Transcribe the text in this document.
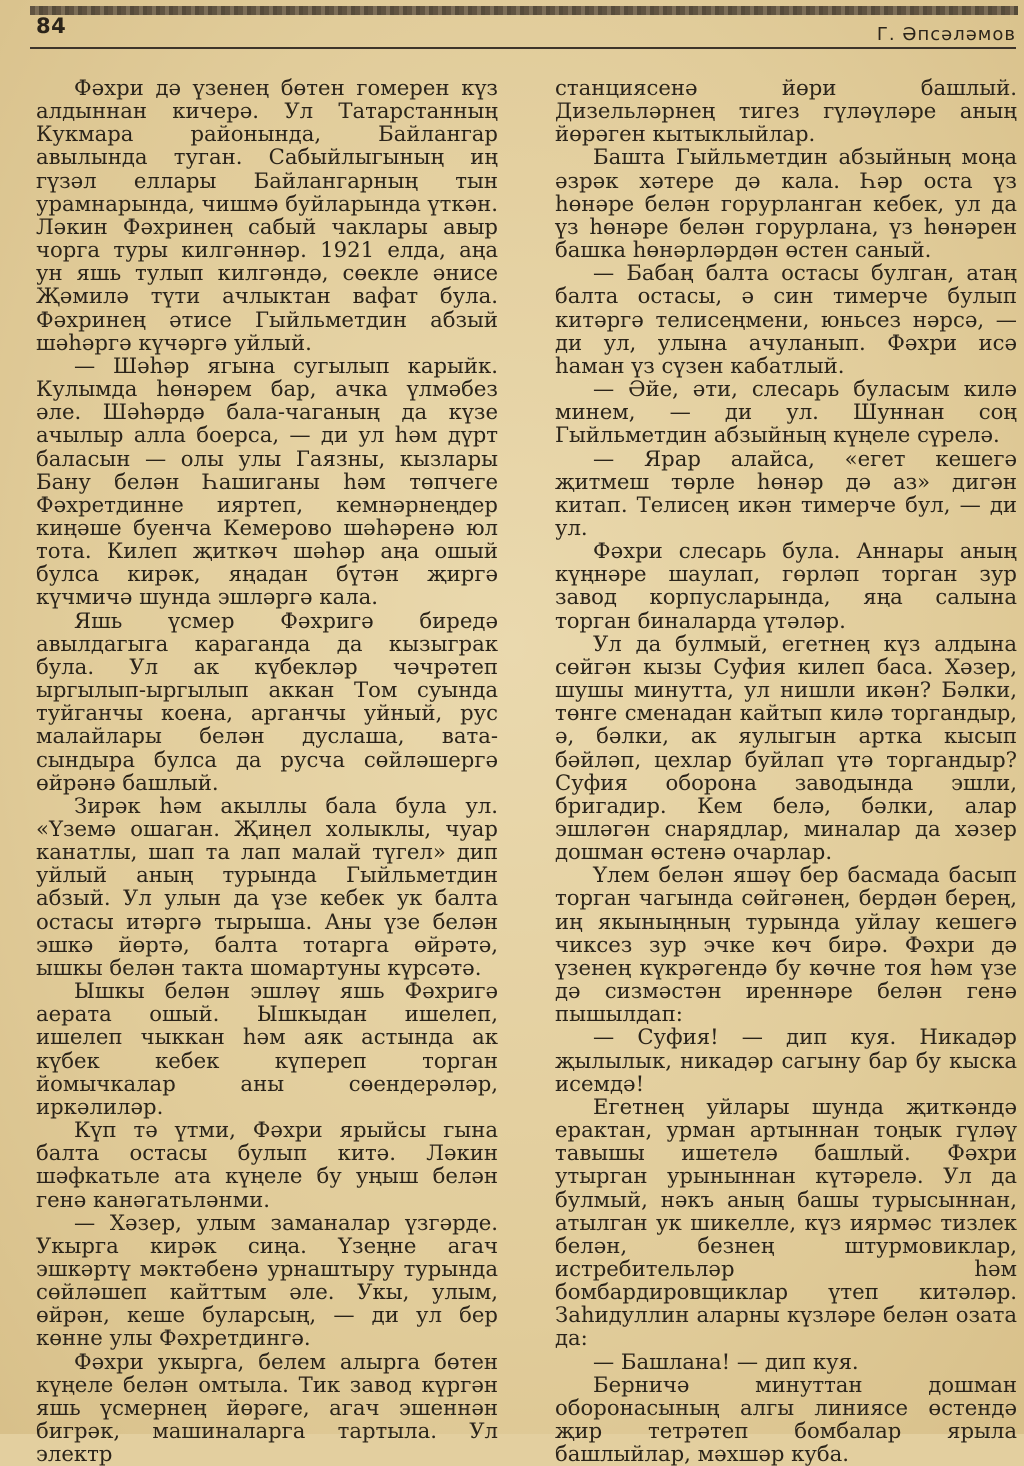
84	Г. Әпсәләмов

Фәхри дә үзенең бөтен гомерен күз алдыннан кичерә. Ул Татарстанның Кукмара районында, Байлангар авылында туган. Сабыйлыгының иң гүзәл еллары Байлангарның тын урамнарында, чишмә буйларында үткән. Ләкин Фәхринең сабый чаклары авыр чорга туры килгәннәр. 1921 елда, аңа ун яшь тулып килгәндә, сөекле әнисе Җәмилә түти ачлыктан вафат була. Фәхринең әтисе Гыйльметдин абзый шәһәргә күчәргә уйлый.

— Шәһәр ягына сугылып карыйк. Кулымда һөнәрем бар, ачка үлмәбез әле. Шәһәрдә бала-чаганың да күзе ачылыр алла боерса, — ди ул һәм дүрт баласын — олы улы Гаязны, кызлары Бану белән Һашиганы һәм төпчеге Фәхретдинне ияртеп, кемнәрнеңдер киңәше буенча Кемерово шәһәренә юл тота. Килеп җиткәч шәһәр аңа ошый булса кирәк, яңадан бүтән җиргә күчмичә шунда эшләргә кала.

Яшь үсмер Фәхригә биредә авылдагыга караганда да кызыграк була. Ул ак күбекләр чәчрәтеп ыргылып-ыргылып аккан Том суында туйганчы коена, арганчы уйный, рус малайлары белән дуслаша, вата-сындыра булса да русча сөйләшергә өйрәнә башлый.

Зирәк һәм акыллы бала була ул. «Үземә ошаган. Җиңел холыклы, чуар канатлы, шап та лап малай түгел» дип уйлый аның турында Гыйльметдин абзый. Ул улын да үзе кебек ук балта остасы итәргә тырыша. Аны үзе белән эшкә йөртә, балта тотарга өйрәтә, ышкы белән такта шомартуны күрсәтә.

Ышкы белән эшләү яшь Фәхригә аерата ошый. Ышкыдан ишелеп, ишелеп чыккан һәм аяк астында ак күбек кебек күпереп торган йомычкалар аны сөендерәләр, иркәлиләр.

Күп тә үтми, Фәхри ярыйсы гына балта остасы булып китә. Ләкин шәфкатьле ата күңеле бу уңыш белән генә канәгатьләнми.

— Хәзер, улым заманалар үзгәрде. Укырга кирәк сиңа. Үзеңне агач эшкәртү мәктәбенә урнаштыру турында сөйләшеп кайттым әле. Укы, улым, өйрән, кеше буларсың, — ди ул бер көнне улы Фәхретдингә.

Фәхри укырга, белем алырга бөтен күңеле белән омтыла. Тик завод күргән яшь үсмернең йөрәге, агач эшеннән бигрәк, машиналарга тартыла. Ул электр

станциясенә йөри башлый. Дизельләрнең тигез гүләүләре аның йөрәген кытыклыйлар.

Башта Гыйльметдин абзыйның моңа әзрәк хәтере дә кала. Һәр оста үз һөнәре белән горурланган кебек, ул да үз һөнәре белән горурлана, үз һөнәрен башка һөнәрләрдән өстен саный.

— Бабаң балта остасы булган, атаң балта остасы, ә син тимерче булып китәргә телисеңмени, юньсез нәрсә, — ди ул, улына ачуланып. Фәхри исә һаман үз сүзен кабатлый.

— Әйе, әти, слесарь буласым килә минем, — ди ул. Шуннан соң Гыйльметдин абзыйның күңеле сүрелә.

— Ярар алайса, «егет кешегә җитмеш төрле һөнәр дә аз» дигән китап. Телисең икән тимерче бул, — ди ул.

Фәхри слесарь була. Аннары аның күңнәре шаулап, гөрләп торган зур завод корпусларында, яңа салына торган биналарда үтәләр.

Ул да булмый, егетнең күз алдына сөйгән кызы Суфия килеп баса. Хәзер, шушы минутта, ул нишли икән? Бәлки, төнге сменадан кайтып килә торгандыр, ә, бәлки, ак яулыгын артка кысып бәйләп, цехлар буйлап үтә торгандыр? Суфия оборона заводында эшли, бригадир. Кем белә, бәлки, алар эшләгән снарядлар, миналар да хәзер дошман өстенә очарлар.

Үлем белән яшәү бер басмада басып торган чагында сөйгәнең, бердән берең, иң якыныңның турында уйлау кешегә чиксез зур эчке көч бирә. Фәхри дә үзенең күкрәгендә бу көчне тоя һәм үзе дә сизмәстән иреннәре белән генә пышылдап:

— Суфия! — дип куя. Никадәр җылылык, никадәр сагыну бар бу кыска исемдә!

Егетнең уйлары шунда җиткәндә ерактан, урман артыннан тоңык гүләү тавышы ишетелә башлый. Фәхри утырган урыныннан күтәрелә. Ул да булмый, нәкъ аның башы турысыннан, атылган ук шикелле, күз иярмәс тизлек белән, безнең штурмовиклар, истребительләр һәм бомбардировщиклар үтеп китәләр. Заһидуллин аларны күзләре белән озата да:

— Башлана! — дип куя.

Берничә минуттан дошман оборонасының алгы линиясе өстендә җир тетрәтеп бомбалар ярыла башлыйлар, мәхшәр куба.
